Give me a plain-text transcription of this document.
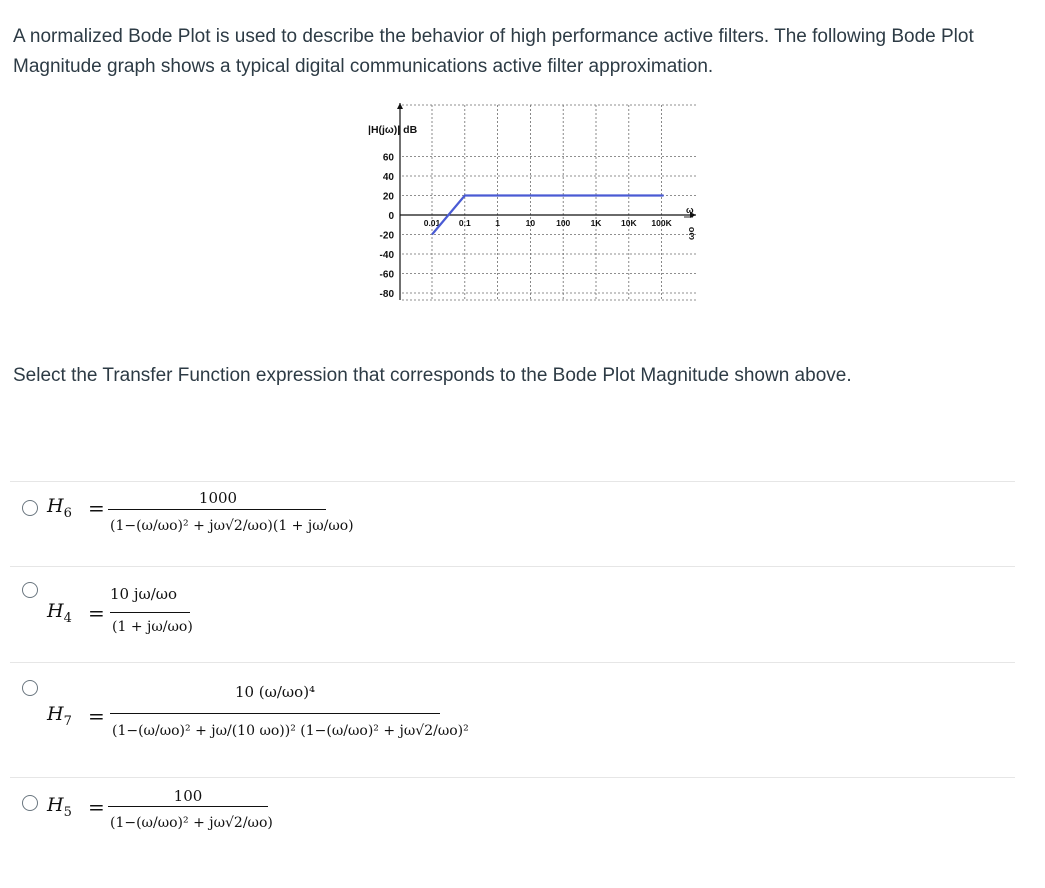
A normalized Bode Plot is used to describe the behavior of high performance active filters. The following Bode Plot Magnitude graph shows a typical digital communications active filter approximation.
|H(jω)| dB
60
40
20
0
-20
-40
-60
-80
0.01 0.1	1	10 100 1K 10K 100K
ω
ωo
Select the Transfer Function expression that corresponds to the Bode Plot Magnitude shown above.
$H_6$ =	1000
(1−(ω/ωo)² + jω√2/ωo)(1 + jω/ωo)
$H_4$ =
10 jω/ωo
(1 + jω/ωo)
$H_7$ =
10 (ω/ωo)⁴
(1−(ω/ωo)² + jω/(10 ωo))² (1−(ω/ωo)² + jω√2/ωo)²
$H_5$ =	100
(1−(ω/ωo)² + jω√2/ωo)
